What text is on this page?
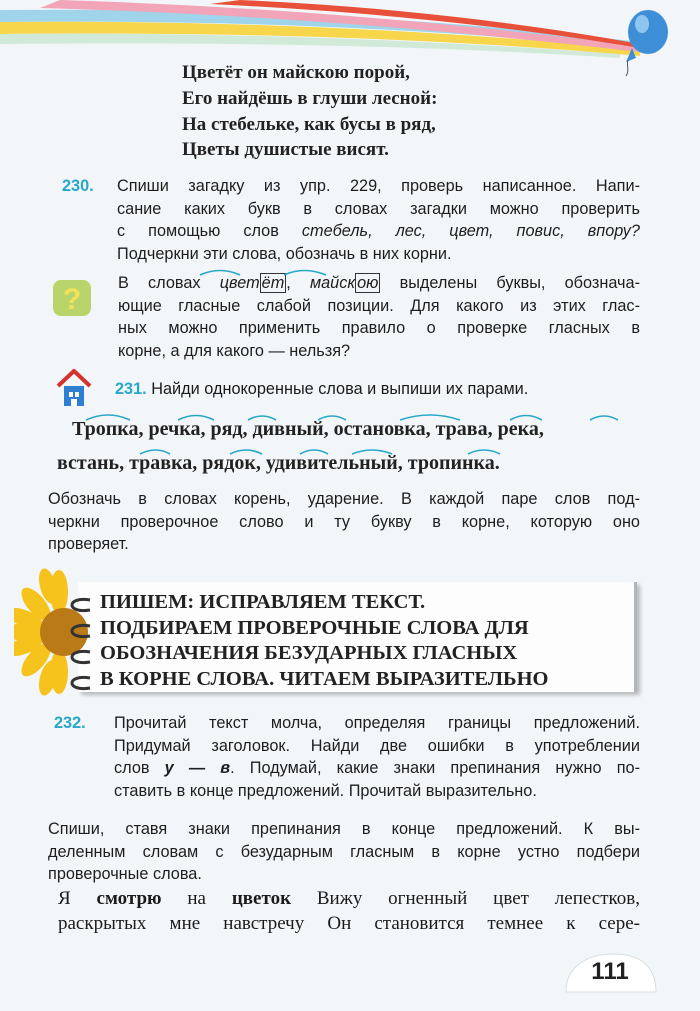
Цветёт он майскою порой,
Его найдёшь в глуши лесной:
На стебельке, как бусы в ряд,
Цветы душистые висят.
230. Спиши загадку из упр. 229, проверь написанное. Напи-
сание каких букв в словах загадки можно проверить
с помощью слов стебель, лес, цвет, повис, впору?
Подчеркни эти слова, обозначь в них корни.
? В словах цвет ёт , майск ою выделены буквы, обознача-
ющие гласные слабой позиции. Для какого из этих глас-
ных можно применить правило о проверке гласных в
корне, а для какого — нельзя?
231. Найди однокоренные слова и выпиши их парами.
Тропка, речка, ряд, дивный, остановка, трава, река,
встань, травка, рядок, удивительный, тропинка.
Обозначь в словах корень, ударение. В каждой паре слов под-
черкни проверочное слово и ту букву в корне, которую оно
проверяет.
ПИШЕМ: ИСПРАВЛЯЕМ ТЕКСТ.
ПОДБИРАЕМ ПРОВЕРОЧНЫЕ СЛОВА ДЛЯ
ОБОЗНАЧЕНИЯ БЕЗУДАРНЫХ ГЛАСНЫХ
В КОРНЕ СЛОВА. ЧИТАЕМ ВЫРАЗИТЕЛЬНО
232. Прочитай текст молча, определяя границы предложений.
Придумай заголовок. Найди две ошибки в употреблении
слов у — в. Подумай, какие знаки препинания нужно по-
ставить в конце предложений. Прочитай выразительно.
Спиши, ставя знаки препинания в конце предложений. К вы-
деленным словам с безударным гласным в корне устно подбери
проверочные слова.
Я смотрю на цветок Вижу огненный цвет лепестков,
раскрытых мне навстречу Он становится темнее к сере-
111
